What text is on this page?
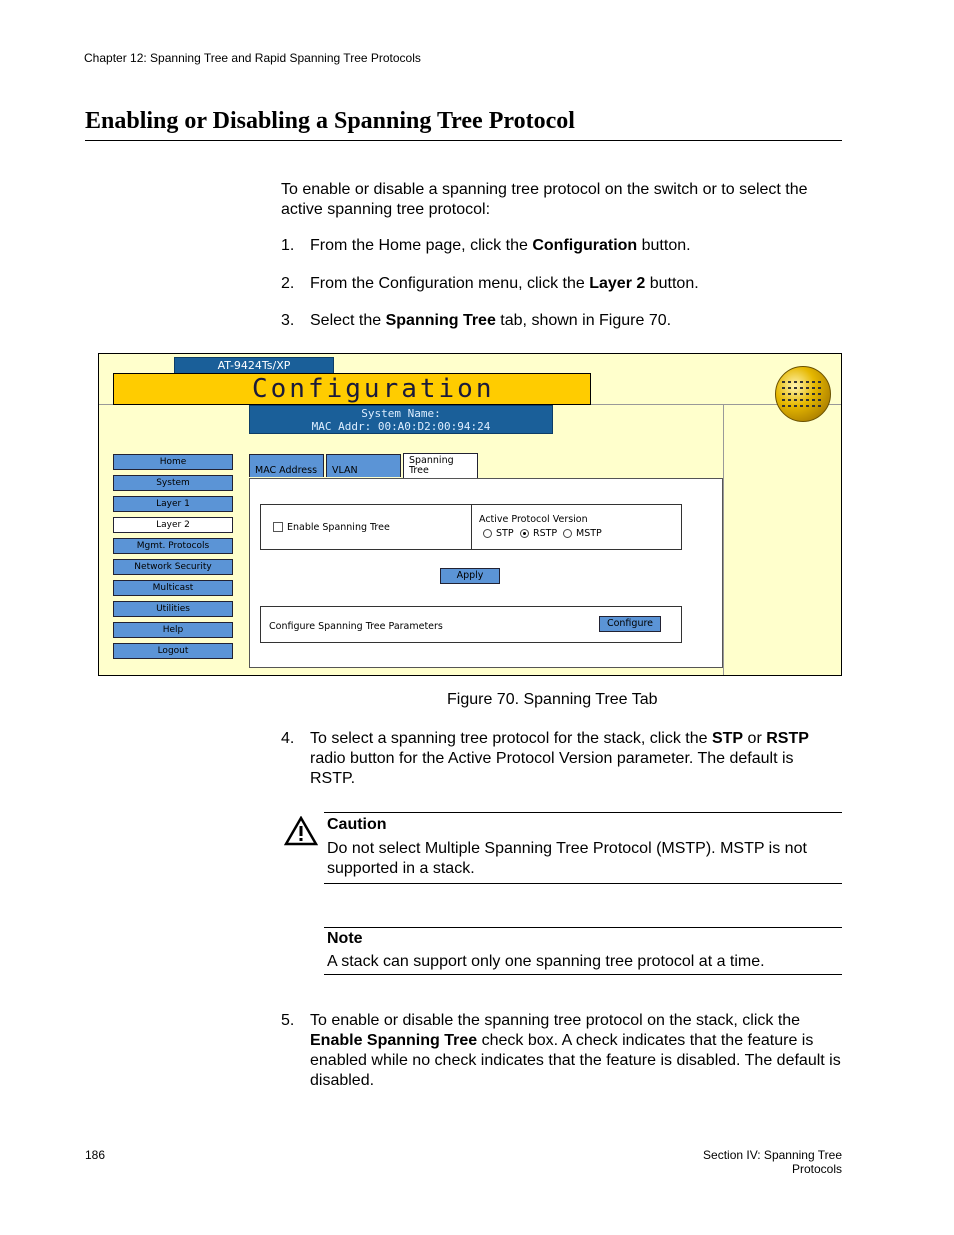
Chapter 12: Spanning Tree and Rapid Spanning Tree Protocols
Enabling or Disabling a Spanning Tree Protocol
To enable or disable a spanning tree protocol on the switch or to select the active spanning tree protocol:
1. From the Home page, click the Configuration button.
2. From the Configuration menu, click the Layer 2 button.
3. Select the Spanning Tree tab, shown in Figure 70.
AT-9424Ts/XP
Configuration
System Name:
MAC Addr: 00:A0:D2:00:94:24
Home
System
Layer 1
Layer 2
Mgmt. Protocols
Network Security
Multicast
Utilities
Help
Logout
MAC Address	VLAN
Spanning
Tree
Enable Spanning Tree
Active Protocol Version
STP RSTP MSTP
Apply
Configure Spanning Tree Parameters	Configure
Figure 70. Spanning Tree Tab
4. To select a spanning tree protocol for the stack, click the STP or RSTP radio button for the Active Protocol Version parameter. The default is RSTP.
Caution
Do not select Multiple Spanning Tree Protocol (MSTP). MSTP is not supported in a stack.
Note
A stack can support only one spanning tree protocol at a time.
5. To enable or disable the spanning tree protocol on the stack, click the Enable Spanning Tree check box. A check indicates that the feature is enabled while no check indicates that the feature is disabled. The default is disabled.
186	Section IV: Spanning Tree Protocols
